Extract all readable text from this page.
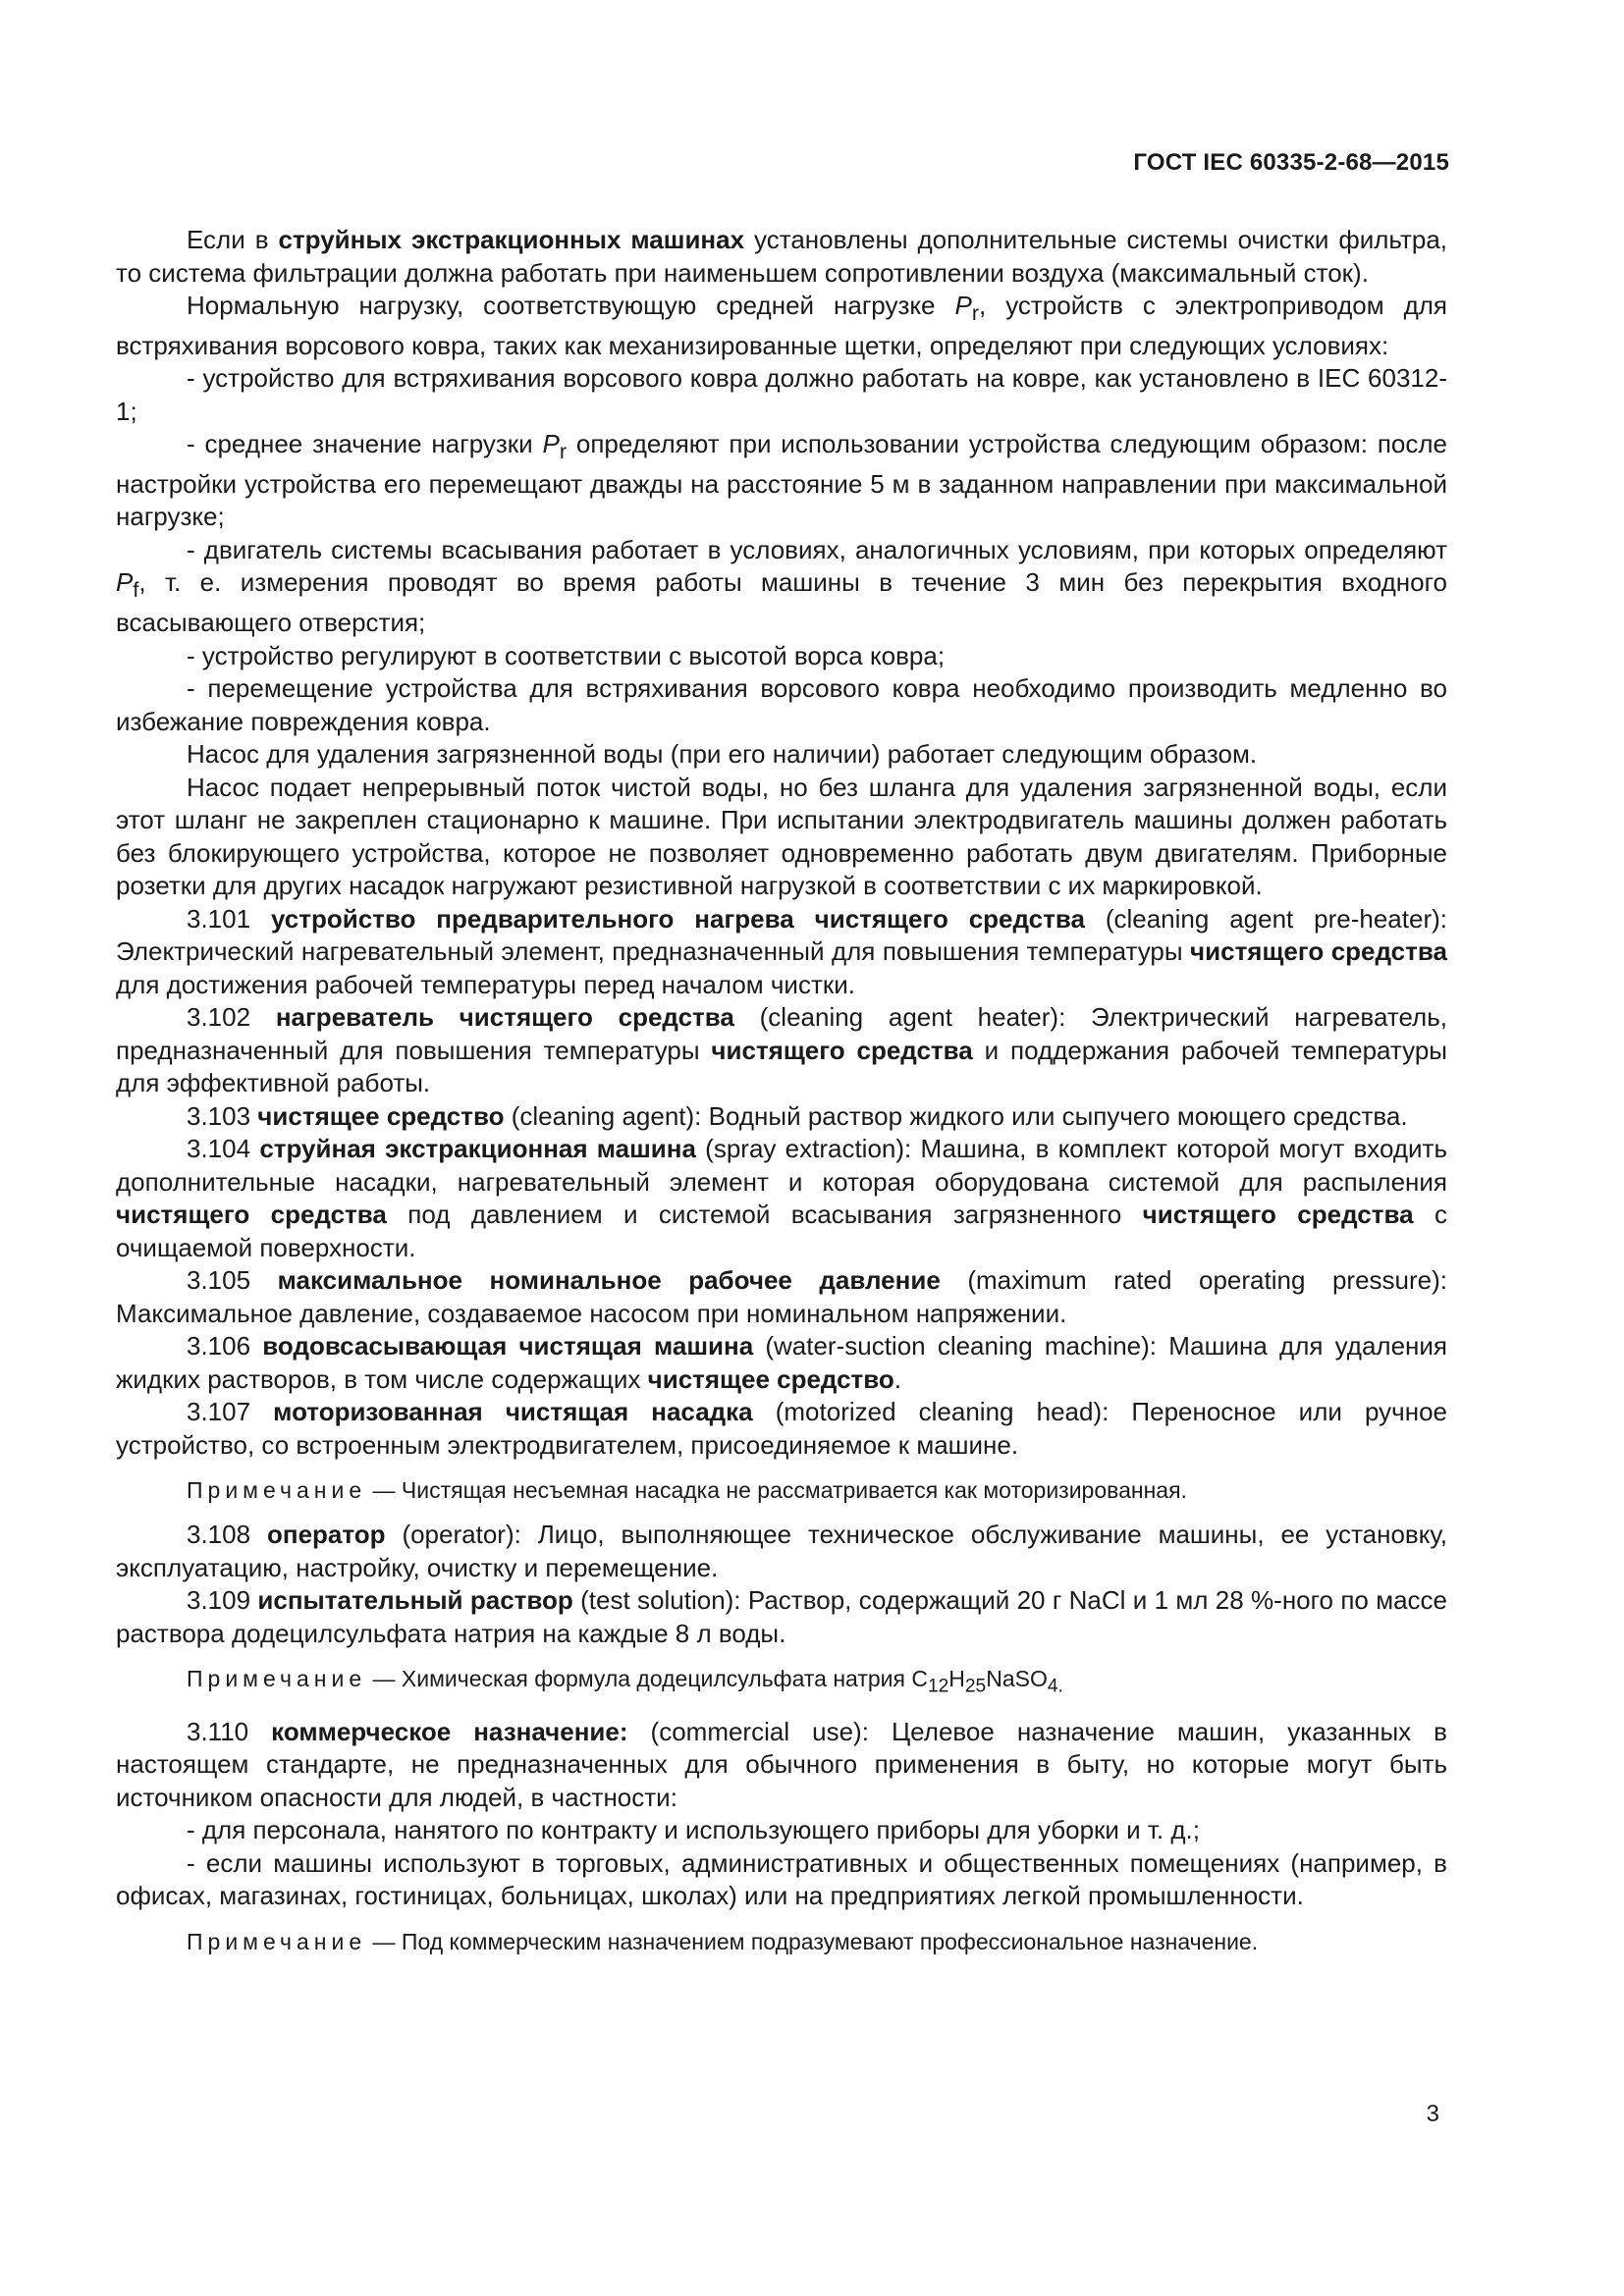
ГОСТ IEC 60335-2-68—2015

Если в струйных экстракционных машинах установлены дополнительные системы очистки фильтра, то система фильтрации должна работать при наименьшем сопротивлении воздуха (максимальный сток).

Нормальную нагрузку, соответствующую средней нагрузке $P_r$, устройств с электроприводом для встряхивания ворсового ковра, таких как механизированные щетки, определяют при следующих условиях:

- устройство для встряхивания ворсового ковра должно работать на ковре, как установлено в IEC 60312-1;

- среднее значение нагрузки $P_r$ определяют при использовании устройства следующим образом: после настройки устройства его перемещают дважды на расстояние 5 м в заданном направлении при максимальной нагрузке;

- двигатель системы всасывания работает в условиях, аналогичных условиям, при которых определяют $P_f$, т. е. измерения проводят во время работы машины в течение 3 мин без перекрытия входного всасывающего отверстия;

- устройство регулируют в соответствии с высотой ворса ковра;

- перемещение устройства для встряхивания ворсового ковра необходимо производить медленно во избежание повреждения ковра.

Насос для удаления загрязненной воды (при его наличии) работает следующим образом.

Насос подает непрерывный поток чистой воды, но без шланга для удаления загрязненной воды, если этот шланг не закреплен стационарно к машине. При испытании электродвигатель машины должен работать без блокирующего устройства, которое не позволяет одновременно работать двум двигателям. Приборные розетки для других насадок нагружают резистивной нагрузкой в соответствии с их маркировкой.

3.101 устройство предварительного нагрева чистящего средства (cleaning agent pre-heater): Электрический нагревательный элемент, предназначенный для повышения температуры чистящего средства для достижения рабочей температуры перед началом чистки.

3.102 нагреватель чистящего средства (cleaning agent heater): Электрический нагреватель, предназначенный для повышения температуры чистящего средства и поддержания рабочей температуры для эффективной работы.

3.103 чистящее средство (cleaning agent): Водный раствор жидкого или сыпучего моющего средства.

3.104 струйная экстракционная машина (spray extraction): Машина, в комплект которой могут входить дополнительные насадки, нагревательный элемент и которая оборудована системой для распыления чистящего средства под давлением и системой всасывания загрязненного чистящего средства с очищаемой поверхности.

3.105 максимальное номинальное рабочее давление (maximum rated operating pressure): Максимальное давление, создаваемое насосом при номинальном напряжении.

3.106 водовсасывающая чистящая машина (water-suction cleaning machine): Машина для удаления жидких растворов, в том числе содержащих чистящее средство.

3.107 моторизованная чистящая насадка (motorized cleaning head): Переносное или ручное устройство, со встроенным электродвигателем, присоединяемое к машине.

Примечание — Чистящая несъемная насадка не рассматривается как моторизированная.

3.108 оператор (operator): Лицо, выполняющее техническое обслуживание машины, ее установку, эксплуатацию, настройку, очистку и перемещение.

3.109 испытательный раствор (test solution): Раствор, содержащий 20 г NaCl и 1 мл 28 %-ного по массе раствора додецилсульфата натрия на каждые 8 л воды.

Примечание — Химическая формула додецилсульфата натрия $C_{12}H_{25}NaSO_{4.}$

3.110 коммерческое назначение: (commercial use): Целевое назначение машин, указанных в настоящем стандарте, не предназначенных для обычного применения в быту, но которые могут быть источником опасности для людей, в частности:

- для персонала, нанятого по контракту и использующего приборы для уборки и т. д.;

- если машины используют в торговых, административных и общественных помещениях (например, в офисах, магазинах, гостиницах, больницах, школах) или на предприятиях легкой промышленности.

Примечание — Под коммерческим назначением подразумевают профессиональное назначение.

3
